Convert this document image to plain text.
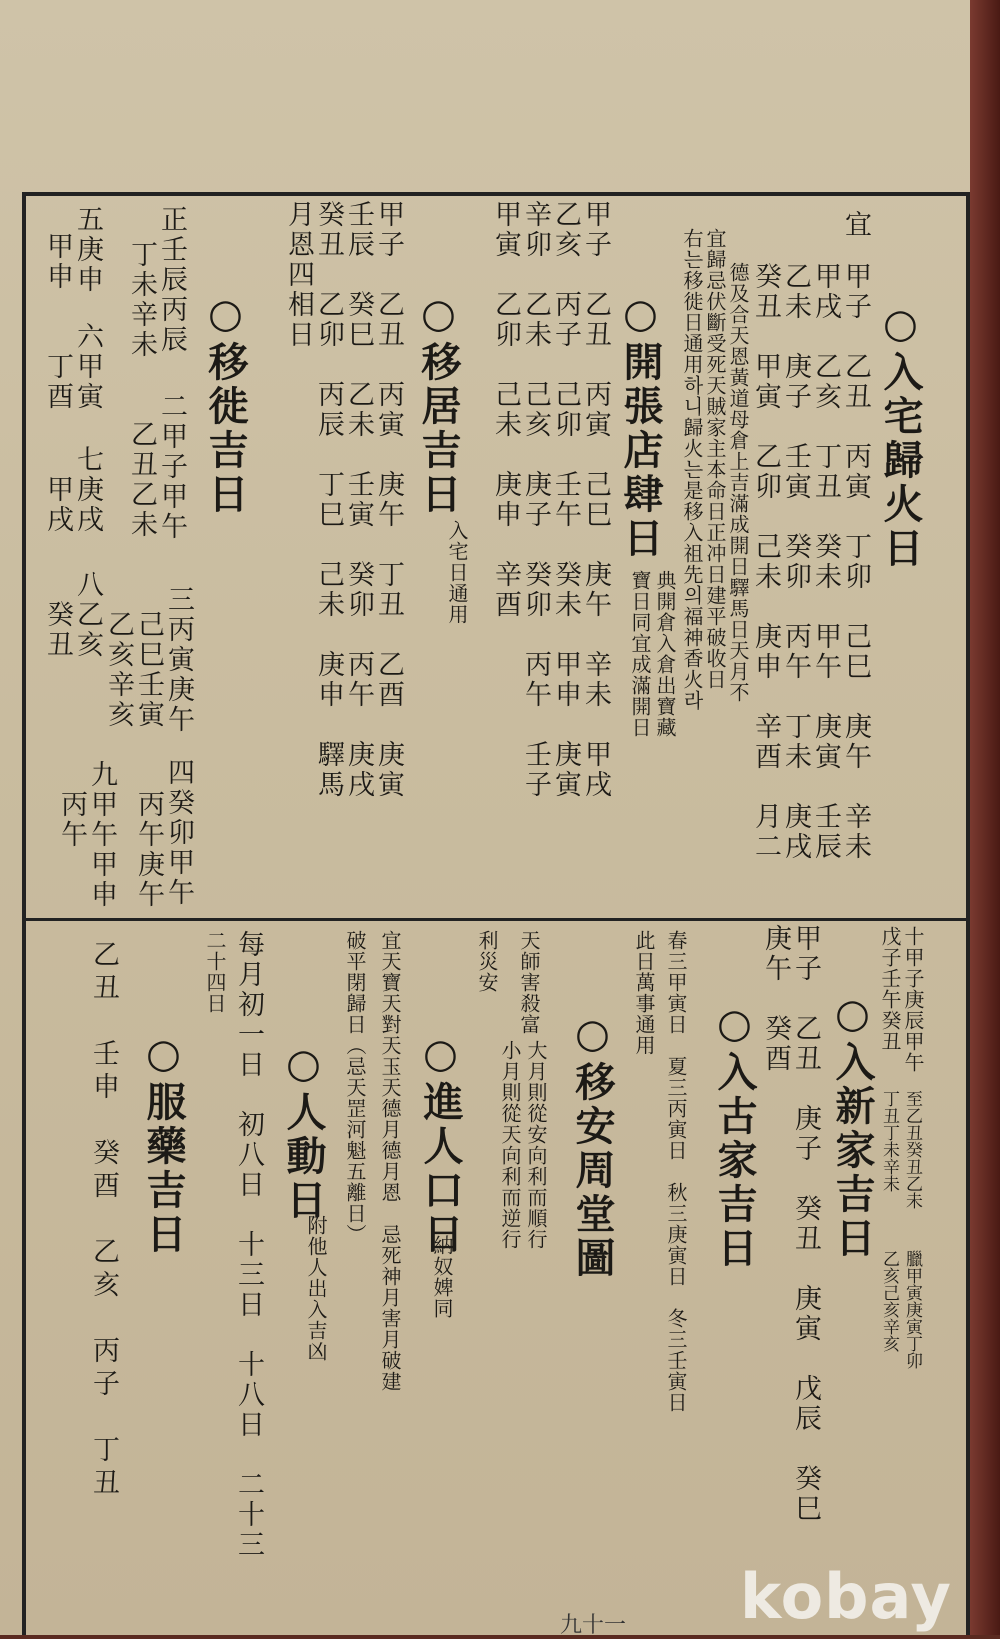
宜
○入宅歸火日
甲子　乙丑　丙寅　丁卯　己巳　庚午　辛未
甲戌　乙亥　丁丑　癸未　甲午　庚寅　壬辰
乙未　庚子　壬寅　癸卯　丙午　丁未　庚戌
癸丑　甲寅　乙卯　己未　庚申　辛酉　月二
德及合天恩黃道母倉上吉滿成開日驛馬日天月不
宜歸忌伏斷受死天賊家主本命日正冲日建平破收日
右는移徙日通用하니歸火는是移入祖先의福神香火라
○開張店肆日
甲子　乙丑　丙寅　己巳　庚午　辛未　甲戌
乙亥　丙子　己卯　壬午　癸未　甲申　庚寅
辛卯　乙未　己亥　庚子　癸卯　丙午　壬子
甲寅　乙卯　己未　庚申　辛酉
典開倉入倉出寶藏
寶日同宜成滿開日
○移居吉日
入宅日通用
甲子　乙丑　丙寅　庚午　丁丑　乙酉　庚寅
壬辰　癸巳　乙未　壬寅　癸卯　丙午　庚戌
癸丑　乙卯　丙辰　丁巳　己未　庚申　驛馬
月恩四相日
○移徙吉日
正壬辰丙辰
丁未辛未
二甲子甲午
乙丑乙未
三丙寅庚午
己巳壬寅
乙亥辛亥
四癸卯甲午
丙午庚午
五庚申
甲申
六甲寅
丁酉
七庚戌
甲戌
八乙亥
癸丑
九甲午甲申
丙午
十甲子庚辰甲午
戊子壬午癸丑
至乙丑癸丑乙未
丁丑丁未辛未
臘甲寅庚寅丁卯
乙亥己亥辛亥
○入新家吉日
甲子　乙丑　庚子　癸丑　庚寅　戊辰　癸巳
庚午　癸酉
○入古家吉日
春三甲寅日　夏三丙寅日　秋三庚寅日　冬三壬寅日
此日萬事通用
○移安周堂圖
大月則從安向利而順行
小月則從天向利而逆行
天師害殺富
利災安
○進人口日
納奴婢同
宜天寶天對天玉天德月德月恩　忌死神月害月破建
破平閉歸日（忌天罡河魁五離日）
○人動日
附他人出入吉凶
每月初一日　初八日　十三日　十八日　二十三
二十四日
○服藥吉日
乙丑　壬申　癸酉　乙亥　丙子　丁丑
九十一 kobay
